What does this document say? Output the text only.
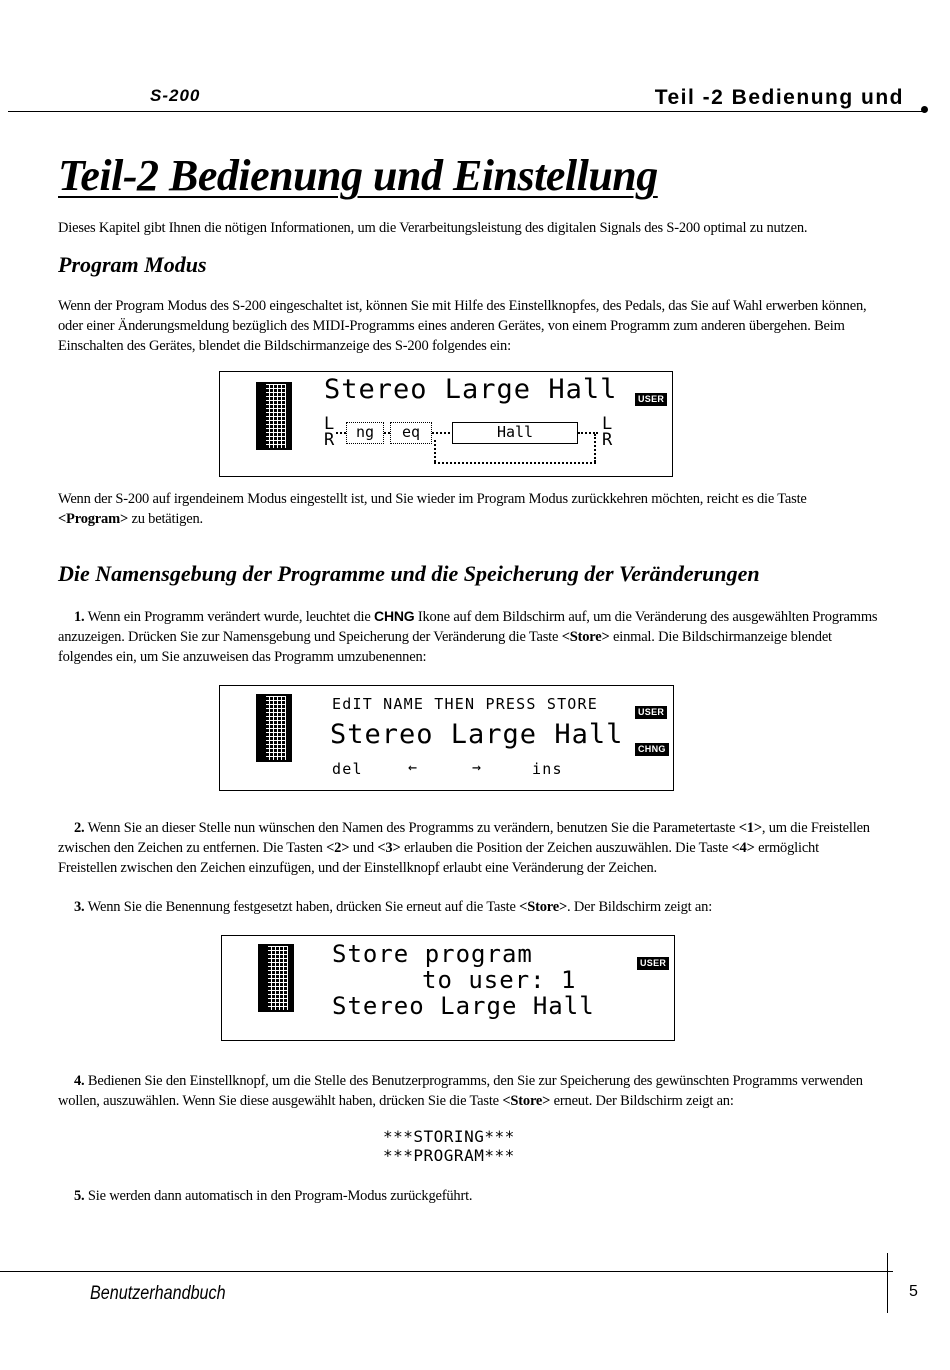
S-200	Teil -2 Bedienung und
Teil-2 Bedienung und Einstellung

Dieses Kapitel gibt Ihnen die nötigen Informationen, um die Verarbeitungsleistung des digitalen Signals des S-200 optimal zu nutzen.

Program Modus

Wenn der Program Modus des S-200 eingeschaltet ist, können Sie mit Hilfe des Einstellknopfes, des Pedals, das Sie auf Wahl erwerben können, oder einer Änderungsmeldung bezüglich des MIDI-Programms eines anderen Gerätes, von einem Programm zum anderen übergehen. Beim Einschalten des Gerätes, blendet die Bildschirmanzeige des S-200 folgendes ein:

Stereo Large Hall USER
L
R	ng	eq	Hall	L
R

Wenn der S-200 auf irgendeinem Modus eingestellt ist, und Sie wieder im Program Modus zurückkehren möchten, reicht es die Taste <Program> zu betätigen.

Die Namensgebung der Programme und die Speicherung der Veränderungen

1. Wenn ein Programm verändert wurde, leuchtet die CHNG Ikone auf dem Bildschirm auf, um die Veränderung des ausgewählten Programms anzuzeigen. Drücken Sie zur Namensgebung und Speicherung der Veränderung die Taste <Store> einmal. Die Bildschirmanzeige blendet folgendes ein, um Sie anzuweisen das Programm umzubenennen:

EdIT NAME THEN PRESS STORE	USER
Stereo Large Hall CHNG
del	←	→	ins

2. Wenn Sie an dieser Stelle nun wünschen den Namen des Programms zu verändern, benutzen Sie die Parametertaste <1>, um die Freistellen zwischen den Zeichen zu entfernen. Die Tasten <2> und <3> erlauben die Position der Zeichen auszuwählen. Die Taste <4> ermöglicht Freistellen zwischen den Zeichen einzufügen, und der Einstellknopf erlaubt eine Veränderung der Zeichen.

3. Wenn Sie die Benennung festgesetzt haben, drücken Sie erneut auf die Taste <Store>. Der Bildschirm zeigt an:

Store program	USER
to user: 1
Stereo Large Hall

4. Bedienen Sie den Einstellknopf, um die Stelle des Benutzerprogramms, den Sie zur Speicherung des gewünschten Programms verwenden wollen, auszuwählen. Wenn Sie diese ausgewählt haben, drücken Sie die Taste <Store> erneut. Der Bildschirm zeigt an:

***STORING***
***PROGRAM***

5. Sie werden dann automatisch in den Program-Modus zurückgeführt.

Benutzerhandbuch	5
